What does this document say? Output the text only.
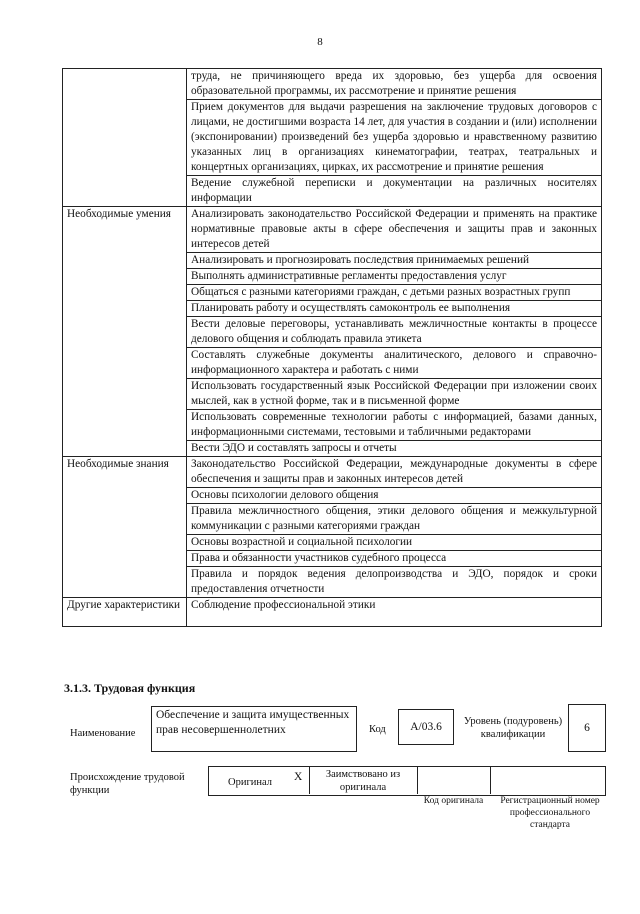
8
	труда, не причиняющего вреда их здоровью, без ущерба для освоения образовательной программы, их рассмотрение и принятие решения
	Прием документов для выдачи разрешения на заключение трудовых договоров с лицами, не достигшими возраста 14 лет, для участия в создании и (или) исполнении (экспонировании) произведений без ущерба здоровью и нравственному развитию указанных лиц в организациях кинематографии, театрах, театральных и концертных организациях, цирках, их рассмотрение и принятие решения
	Ведение служебной переписки и документации на различных носителях информации
Необходимые умения	Анализировать законодательство Российской Федерации и применять на практике нормативные правовые акты в сфере обеспечения и защиты прав и законных интересов детей
	Анализировать и прогнозировать последствия принимаемых решений
	Выполнять административные регламенты предоставления услуг
	Общаться с разными категориями граждан, с детьми разных возрастных групп
	Планировать работу и осуществлять самоконтроль ее выполнения
	Вести деловые переговоры, устанавливать межличностные контакты в процессе делового общения и соблюдать правила этикета
	Составлять служебные документы аналитического, делового и справочно-информационного характера и работать с ними
	Использовать государственный язык Российской Федерации при изложении своих мыслей, как в устной форме, так и в письменной форме
	Использовать современные технологии работы с информацией, базами данных, информационными системами, тестовыми и табличными редакторами
	Вести ЭДО и составлять запросы и отчеты
Необходимые знания	Законодательство Российской Федерации, международные документы в сфере обеспечения и защиты прав и законных интересов детей
	Основы психологии делового общения
	Правила межличностного общения, этики делового общения и межкультурной коммуникации с разными категориями граждан
	Основы возрастной и социальной психологии
	Права и обязанности участников судебного процесса
	Правила и порядок ведения делопроизводства и ЭДО, порядок и сроки предоставления отчетности
Другие характеристики	Соблюдение профессиональной этики
3.1.3. Трудовая функция
Наименование
Обеспечение и защита имущественных прав несовершеннолетних	Код	А/03.6	Уровень (подуровень) квалификации
6
Происхождение трудовой функции
Оригинал X	Заимствовано из оригинала
Код оригинала	Регистрационный номер профессионального стандарта
